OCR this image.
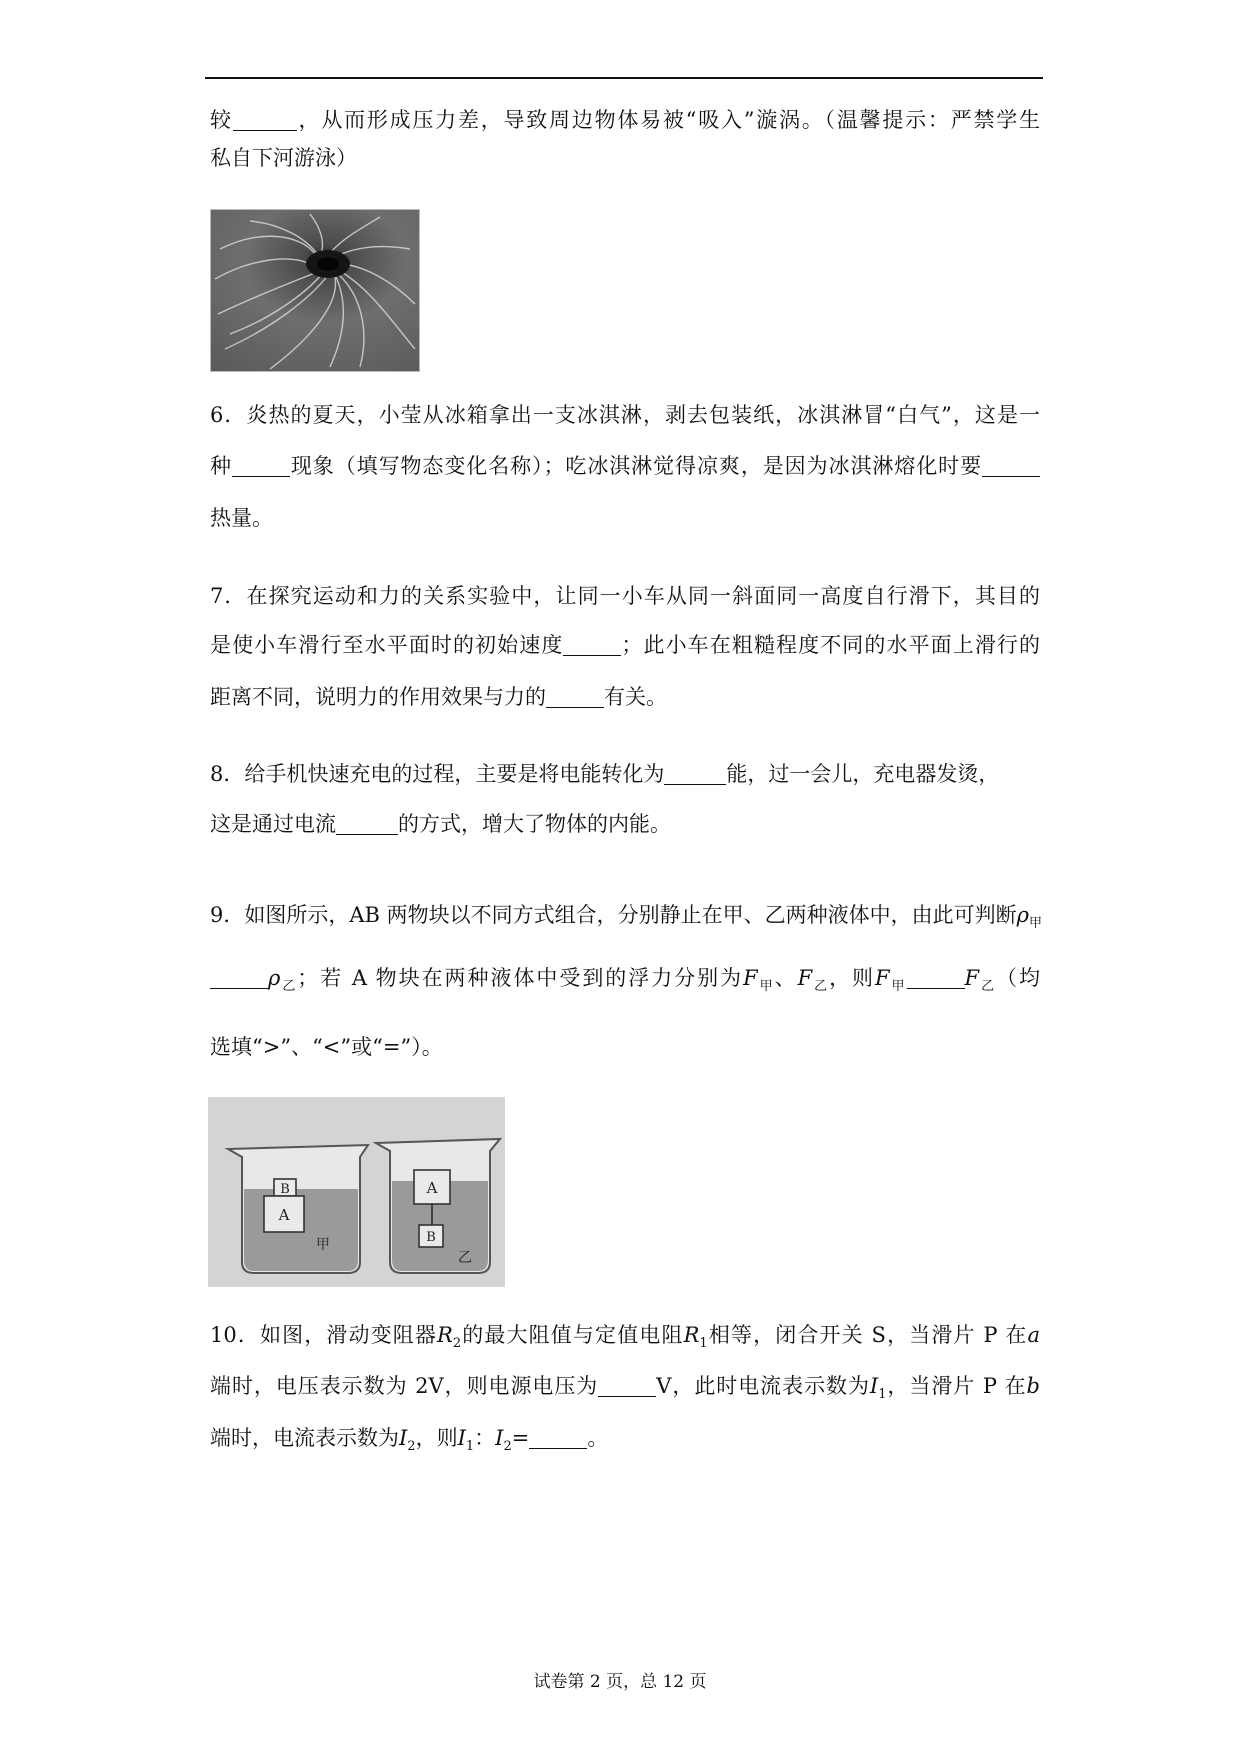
较	，从而形成压力差，导致周边物体易被“吸入”漩涡。（温馨提示：严禁学生
私自下河游泳）
6．炎热的夏天，小莹从冰箱拿出一支冰淇淋，剥去包装纸，冰淇淋冒“白气”，这是一
种	现象（填写物态变化名称）；吃冰淇淋觉得凉爽，是因为冰淇淋熔化时要
热量。
7．在探究运动和力的关系实验中，让同一小车从同一斜面同一高度自行滑下，其目的
是使小车滑行至水平面时的初始速度	；此小车在粗糙程度不同的水平面上滑行的
距离不同，说明力的作用效果与力的	有关。
8．给手机快速充电的过程，主要是将电能转化为	能，过一会儿，充电器发烫，
这是通过电流	的方式，增大了物体的内能。
9．如图所示，AB 两物块以不同方式组合，分别静止在甲、乙两种液体中，由此可判断$\rho_甲$
$\rho_乙$；若 A 物块在两种液体中受到的浮力分别为$F_甲$、$F_乙$，则$F_甲$	$F_乙$（均
选填“>”、“<”或“=”）。
B
A
甲
A
B
乙
10．如图，滑动变阻器$R_2$的最大阻值与定值电阻$R_1$相等，闭合开关 S，当滑片 P 在a
端时，电压表示数为 2V，则电源电压为	V，此时电流表示数为$I_1$，当滑片 P 在b
端时，电流表示数为$I_2$，则$I_1$：$I_2=$	。
试卷第 2 页，总 12 页
